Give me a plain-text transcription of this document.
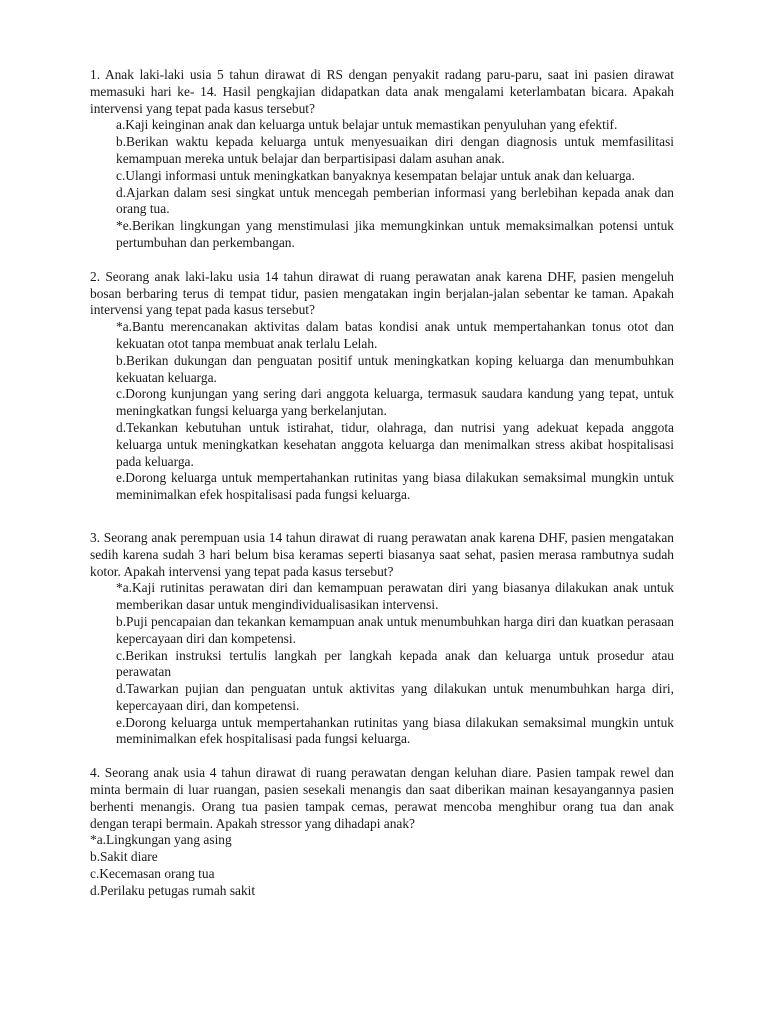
1. Anak laki-laki usia 5 tahun dirawat di RS dengan penyakit radang paru-paru, saat ini pasien dirawat memasuki hari ke- 14. Hasil pengkajian didapatkan data anak mengalami keterlambatan bicara. Apakah intervensi yang tepat pada kasus tersebut?

a.Kaji keinginan anak dan keluarga untuk belajar untuk memastikan penyuluhan yang efektif.

b.Berikan waktu kepada keluarga untuk menyesuaikan diri dengan diagnosis untuk memfasilitasi kemampuan mereka untuk belajar dan berpartisipasi dalam asuhan anak.

c.Ulangi informasi untuk meningkatkan banyaknya kesempatan belajar untuk anak dan keluarga.

d.Ajarkan dalam sesi singkat untuk mencegah pemberian informasi yang berlebihan kepada anak dan orang tua.

*e.Berikan lingkungan yang menstimulasi jika memungkinkan untuk memaksimalkan potensi untuk pertumbuhan dan perkembangan.

2. Seorang anak laki-laku usia 14 tahun dirawat di ruang perawatan anak karena DHF, pasien mengeluh bosan berbaring terus di tempat tidur, pasien mengatakan ingin berjalan-jalan sebentar ke taman. Apakah intervensi yang tepat pada kasus tersebut?

*a.Bantu merencanakan aktivitas dalam batas kondisi anak untuk mempertahankan tonus otot dan kekuatan otot tanpa membuat anak terlalu Lelah.

b.Berikan dukungan dan penguatan positif untuk meningkatkan koping keluarga dan menumbuhkan kekuatan keluarga.

c.Dorong kunjungan yang sering dari anggota keluarga, termasuk saudara kandung yang tepat, untuk meningkatkan fungsi keluarga yang berkelanjutan.

d.Tekankan kebutuhan untuk istirahat, tidur, olahraga, dan nutrisi yang adekuat kepada anggota keluarga untuk meningkatkan kesehatan anggota keluarga dan menimalkan stress akibat hospitalisasi pada keluarga.

e.Dorong keluarga untuk mempertahankan rutinitas yang biasa dilakukan semaksimal mungkin untuk meminimalkan efek hospitalisasi pada fungsi keluarga.

3. Seorang anak perempuan usia 14 tahun dirawat di ruang perawatan anak karena DHF, pasien mengatakan sedih karena sudah 3 hari belum bisa keramas seperti biasanya saat sehat, pasien merasa rambutnya sudah kotor. Apakah intervensi yang tepat pada kasus tersebut?

*a.Kaji rutinitas perawatan diri dan kemampuan perawatan diri yang biasanya dilakukan anak untuk memberikan dasar untuk mengindividualisasikan intervensi.

b.Puji pencapaian dan tekankan kemampuan anak untuk menumbuhkan harga diri dan kuatkan perasaan kepercayaan diri dan kompetensi.

c.Berikan instruksi tertulis langkah per langkah kepada anak dan keluarga untuk prosedur atau perawatan

d.Tawarkan pujian dan penguatan untuk aktivitas yang dilakukan untuk menumbuhkan harga diri, kepercayaan diri, dan kompetensi.

e.Dorong keluarga untuk mempertahankan rutinitas yang biasa dilakukan semaksimal mungkin untuk meminimalkan efek hospitalisasi pada fungsi keluarga.

4. Seorang anak usia 4 tahun dirawat di ruang perawatan dengan keluhan diare. Pasien tampak rewel dan minta bermain di luar ruangan, pasien sesekali menangis dan saat diberikan mainan kesayangannya pasien berhenti menangis. Orang tua pasien tampak cemas, perawat mencoba menghibur orang tua dan anak dengan terapi bermain. Apakah stressor yang dihadapi anak?

*a.Lingkungan yang asing

b.Sakit diare

c.Kecemasan orang tua

d.Perilaku petugas rumah sakit
